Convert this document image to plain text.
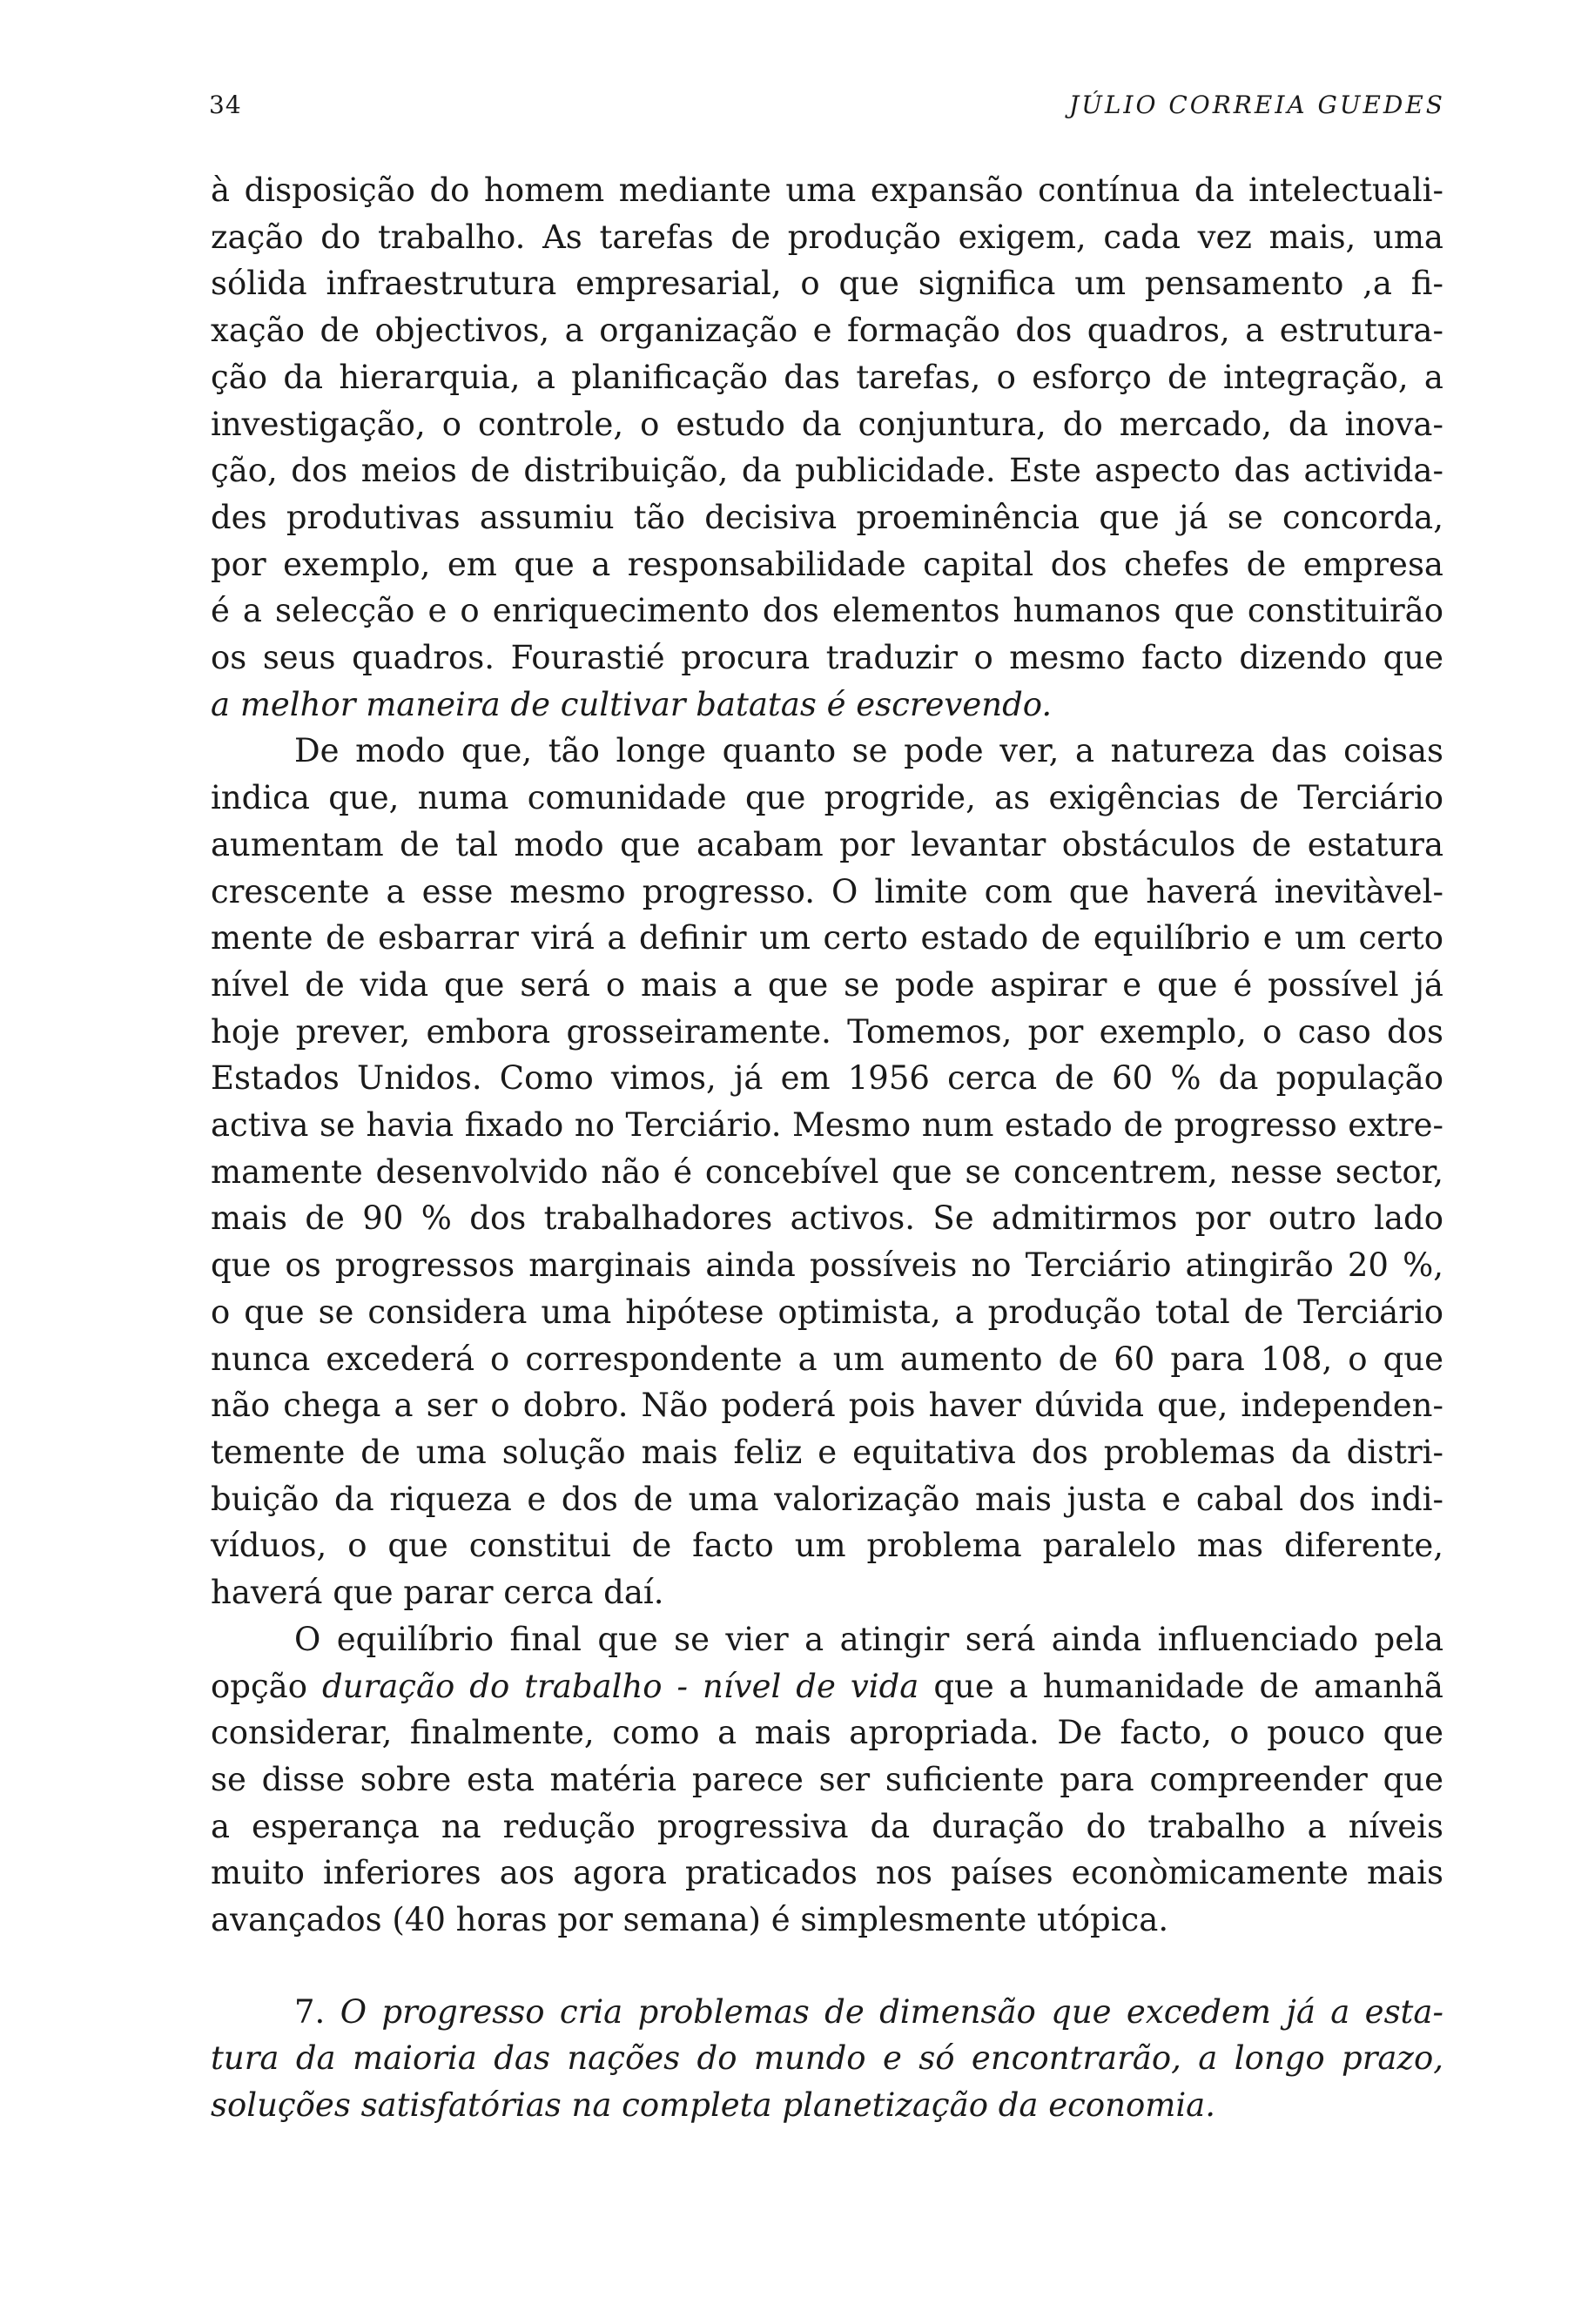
34	JÚLIO CORREIA GUEDES
à disposição do homem mediante uma expansão contínua da intelectuali-
zação do trabalho. As tarefas de produção exigem, cada vez mais, uma
sólida infraestrutura empresarial, o que significa um pensamento ,a fi-
xação de objectivos, a organização e formação dos quadros, a estrutura-
ção da hierarquia, a planificação das tarefas, o esforço de integração, a
investigação, o controle, o estudo da conjuntura, do mercado, da inova-
ção, dos meios de distribuição, da publicidade. Este aspecto das activida-
des produtivas assumiu tão decisiva proeminência que já se concorda,
por exemplo, em que a responsabilidade capital dos chefes de empresa
é a selecção e o enriquecimento dos elementos humanos que constituirão
os seus quadros. Fourastié procura traduzir o mesmo facto dizendo que
a melhor maneira de cultivar batatas é escrevendo.
De modo que, tão longe quanto se pode ver, a natureza das coisas
indica que, numa comunidade que progride, as exigências de Terciário
aumentam de tal modo que acabam por levantar obstáculos de estatura
crescente a esse mesmo progresso. O limite com que haverá inevitàvel-
mente de esbarrar virá a definir um certo estado de equilíbrio e um certo
nível de vida que será o mais a que se pode aspirar e que é possível já
hoje prever, embora grosseiramente. Tomemos, por exemplo, o caso dos
Estados Unidos. Como vimos, já em 1956 cerca de 60 % da população
activa se havia fixado no Terciário. Mesmo num estado de progresso extre-
mamente desenvolvido não é concebível que se concentrem, nesse sector,
mais de 90 % dos trabalhadores activos. Se admitirmos por outro lado
que os progressos marginais ainda possíveis no Terciário atingirão 20 %,
o que se considera uma hipótese optimista, a produção total de Terciário
nunca excederá o correspondente a um aumento de 60 para 108, o que
não chega a ser o dobro. Não poderá pois haver dúvida que, independen-
temente de uma solução mais feliz e equitativa dos problemas da distri-
buição da riqueza e dos de uma valorização mais justa e cabal dos indi-
víduos, o que constitui de facto um problema paralelo mas diferente,
haverá que parar cerca daí.
O equilíbrio final que se vier a atingir será ainda influenciado pela
opção duração do trabalho - nível de vida que a humanidade de amanhã
considerar, finalmente, como a mais apropriada. De facto, o pouco que
se disse sobre esta matéria parece ser suficiente para compreender que
a esperança na redução progressiva da duração do trabalho a níveis
muito inferiores aos agora praticados nos países econòmicamente mais
avançados (40 horas por semana) é simplesmente utópica.
7. O progresso cria problemas de dimensão que excedem já a esta-
tura da maioria das nações do mundo e só encontrarão, a longo prazo,
soluções satisfatórias na completa planetização da economia.
